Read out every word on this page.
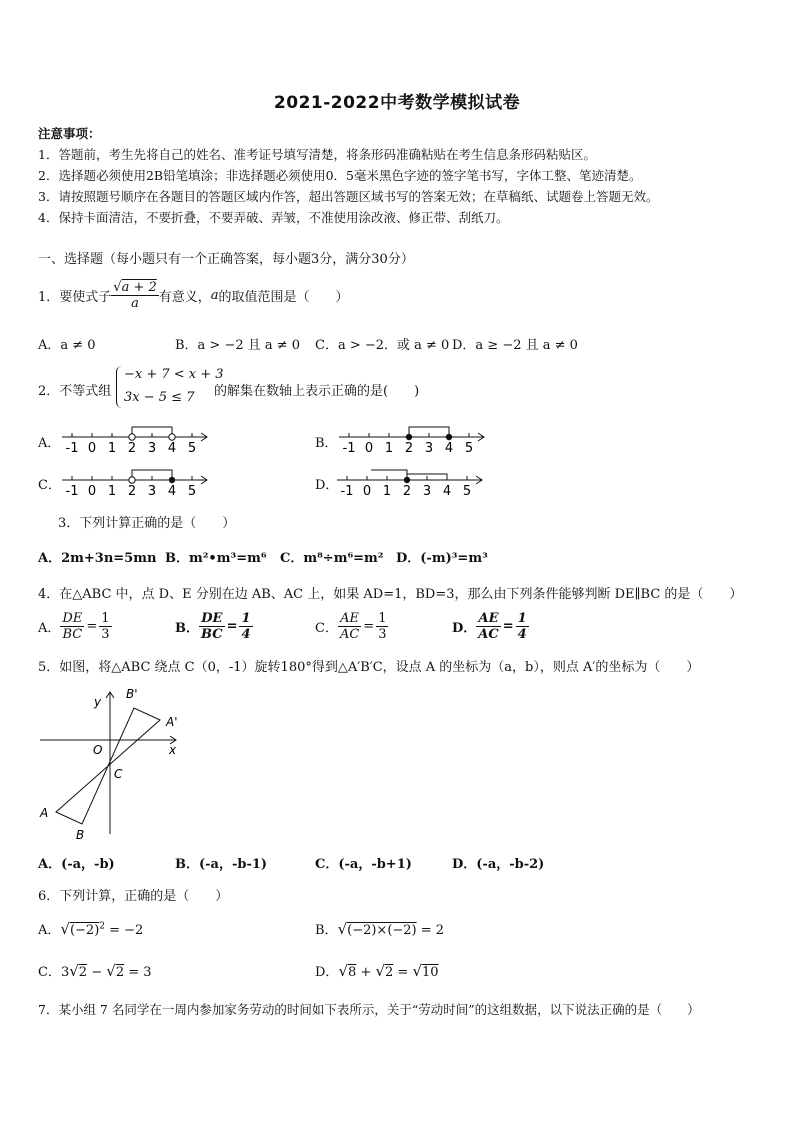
2021-2022中考数学模拟试卷
注意事项：
1．答题前，考生先将自己的姓名、准考证号填写清楚，将条形码准确粘贴在考生信息条形码粘贴区。
2．选择题必须使用2B铅笔填涂；非选择题必须使用0．5毫米黑色字迹的签字笔书写，字体工整、笔迹清楚。
3．请按照题号顺序在各题目的答题区域内作答，超出答题区域书写的答案无效；在草稿纸、试题卷上答题无效。
4．保持卡面清洁，不要折叠，不要弄破、弄皱，不准使用涂改液、修正带、刮纸刀。
一、选择题（每小题只有一个正确答案，每小题3分，满分30分）
1．要使式子 $\frac{√a + 2}{a}$ 有意义， a 的取值范围是（　　）
A．a ≠ 0	B．a > −2 且 a ≠ 0 C．a > −2．或 a ≠ 0 D．a ≥ −2 且 a ≠ 0
2．不等式组
−x + 7 < x + 3
3x − 5 ≤ 7 的解集在数轴上表示正确的是(　　)
A．	B．
C．	D．
-1 0 1 2 3 4 5	-1 0 1 2 3 4 5
-1 0 1 2 3 4 5	-1 0 1 2 3 4 5
3．下列计算正确的是（　　）
A．2m+3n=5mn B．m²•m³=m⁶ C．m⁸÷m⁶=m² D．(-m)³=m³
4．在△ABC 中，点 D、E 分别在边 AB、AC 上，如果 AD=1，BD=3，那么由下列条件能够判断 DE∥BC 的是（　　）
A． $\frac{DE}{BC} = \frac{1}{3}$	B． $\frac{DE}{BC} = \frac{1}{4}$	C． $\frac{AE}{AC} = \frac{1}{3}$	D． $\frac{AE}{AC} = \frac{1}{4}$
5．如图，将△ABC 绕点 C（0，-1）旋转180°得到△A′B′C，设点 A 的坐标为（a，b），则点 A′的坐标为（　　）
y
x
O
C
A
B
A'
B'
A．(-a，-b)	B．(-a，-b-1)	C．(-a，-b+1)	D．(-a，-b-2)
6．下列计算，正确的是（　　）
A．$√(-2)^2 = -2$	B．√(−2)×(−2) = 2
C．3√2 − √2 = 3	D．√8 + √2 = √10
7．某小组 7 名同学在一周内参加家务劳动的时间如下表所示，关于“劳动时间”的这组数据，以下说法正确的是（　　）
